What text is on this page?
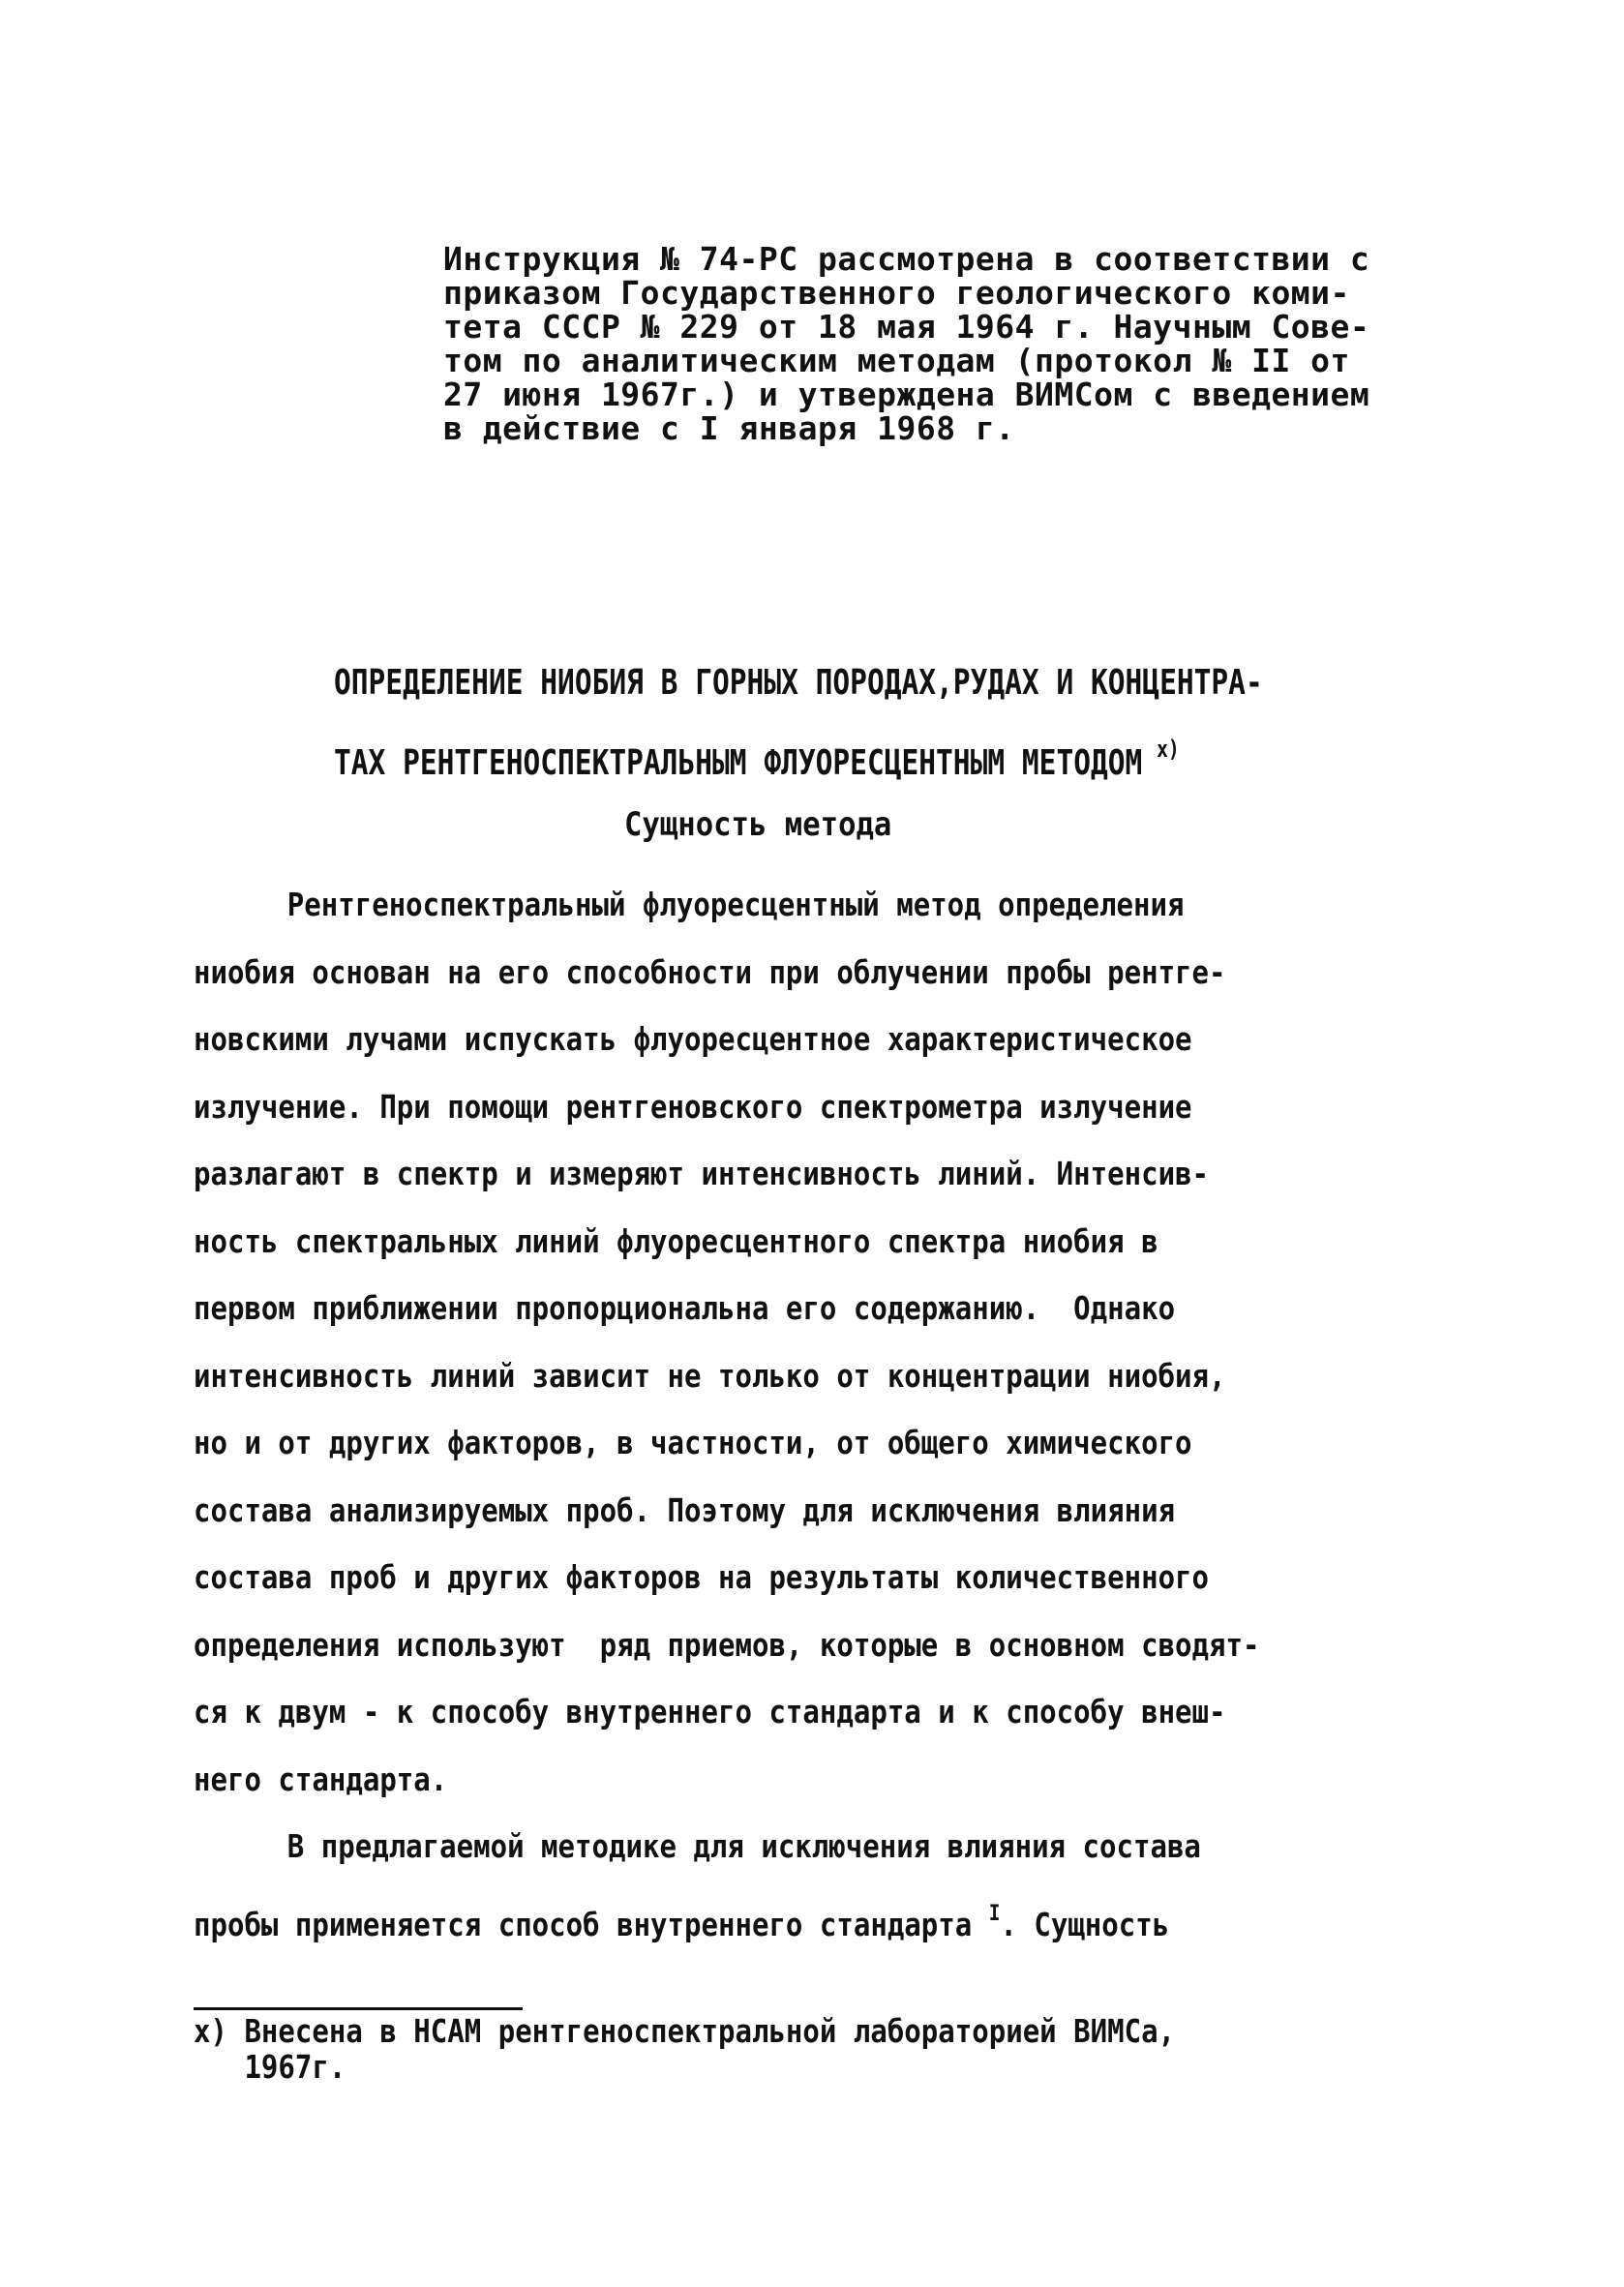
Инструкция № 74-РС рассмотрена в соответствии с
приказом Государственного геологического коми-
тета СССР № 229 от 18 мая 1964 г. Научным Сове-
том по аналитическим методам (протокол № II от
27 июня 1967г.) и утверждена ВИМСом с введением
в действие с I января 1968 г.
ОПРЕДЕЛЕНИЕ НИОБИЯ В ГОРНЫХ ПОРОДАХ,РУДАХ И КОНЦЕНТРА-
ТАХ РЕНТГЕНОСПЕКТРАЛЬНЫМ ФЛУОРЕСЦЕНТНЫМ МЕТОДОМ $^{x)}$
Сущность метода
Рентгеноспектральный флуоресцентный метод определения
ниобия основан на его способности при облучении пробы рентге-
новскими лучами испускать флуоресцентное характеристическое
излучение. При помощи рентгеновского спектрометра излучение
разлагают в спектр и измеряют интенсивность линий. Интенсив-
ность спектральных линий флуоресцентного спектра ниобия в
первом приближении пропорциональна его содержанию.  Однако
интенсивность линий зависит не только от концентрации ниобия,
но и от других факторов, в частности, от общего химического
состава анализируемых проб. Поэтому для исключения влияния
состава проб и других факторов на результаты количественного
определения используют  ряд приемов, которые в основном сводят-
ся к двум - к способу внутреннего стандарта и к способу внеш-
него стандарта.
В предлагаемой методике для исключения влияния состава
пробы применяется способ внутреннего стандарта $^I$. Сущность
x) Внесена в НСАМ рентгеноспектральной лабораторией ВИМСа,
1967г.
